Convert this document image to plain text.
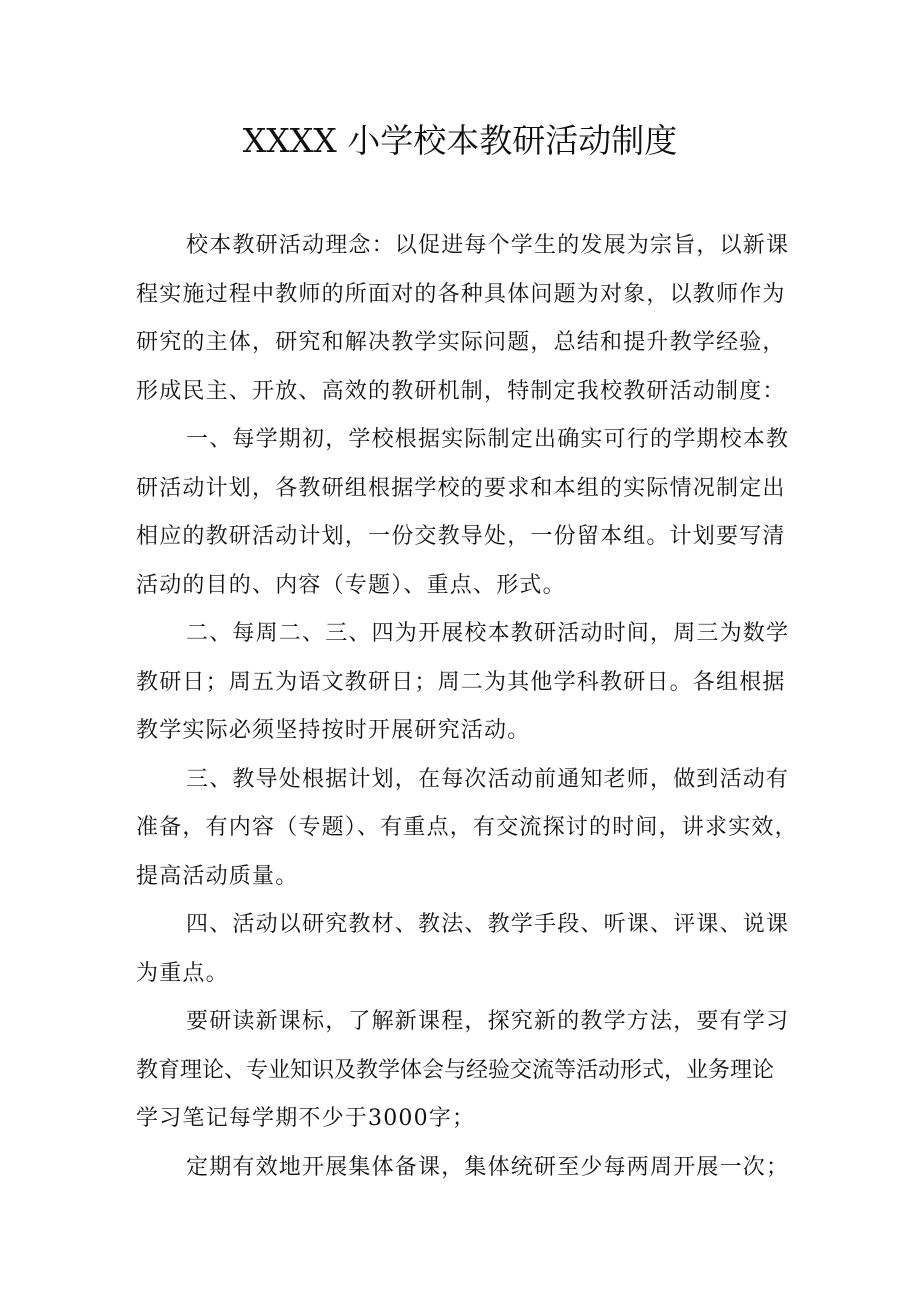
XXXX 小学校本教研活动制度
校本教研活动理念：以促进每个学生的发展为宗旨，以新课
程实施过程中教师的所面对的各种具体问题为对象，以教师作为
研究的主体，研究和解决教学实际问题，总结和提升教学经验，
形成民主、开放、高效的教研机制，特制定我校教研活动制度：
一、每学期初，学校根据实际制定出确实可行的学期校本教
研活动计划，各教研组根据学校的要求和本组的实际情况制定出
相应的教研活动计划，一份交教导处，一份留本组。计划要写清
活动的目的、内容（专题）、重点、形式。
二、每周二、三、四为开展校本教研活动时间，周三为数学
教研日；周五为语文教研日；周二为其他学科教研日。各组根据
教学实际必须坚持按时开展研究活动。
三、教导处根据计划，在每次活动前通知老师，做到活动有
准备，有内容（专题）、有重点，有交流探讨的时间，讲求实效，
提高活动质量。
四、活动以研究教材、教法、教学手段、听课、评课、说课
为重点。
要研读新课标，了解新课程，探究新的教学方法，要有学习
教育理论、专业知识及教学体会与经验交流等活动形式，业务理论
学习笔记每学期不少于3000字；
定期有效地开展集体备课，集体统研至少每两周开展一次；
